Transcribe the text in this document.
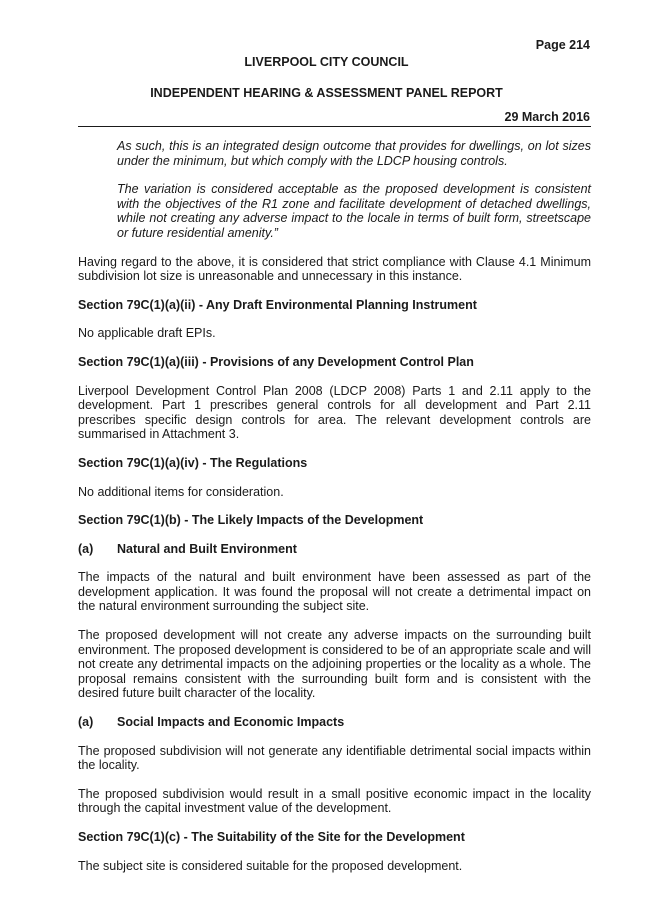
Page 214
LIVERPOOL CITY COUNCIL
INDEPENDENT HEARING & ASSESSMENT PANEL REPORT
29 March 2016

As such, this is an integrated design outcome that provides for dwellings, on lot sizes under the minimum, but which comply with the LDCP housing controls.

The variation is considered acceptable as the proposed development is consistent with the objectives of the R1 zone and facilitate development of detached dwellings, while not creating any adverse impact to the locale in terms of built form, streetscape or future residential amenity.”

Having regard to the above, it is considered that strict compliance with Clause 4.1 Minimum subdivision lot size is unreasonable and unnecessary in this instance.

Section 79C(1)(a)(ii) - Any Draft Environmental Planning Instrument

No applicable draft EPIs.

Section 79C(1)(a)(iii) - Provisions of any Development Control Plan

Liverpool Development Control Plan 2008 (LDCP 2008) Parts 1 and 2.11 apply to the development. Part 1 prescribes general controls for all development and Part 2.11 prescribes specific design controls for area. The relevant development controls are summarised in Attachment 3.

Section 79C(1)(a)(iv) - The Regulations

No additional items for consideration.

Section 79C(1)(b) - The Likely Impacts of the Development

(a)	Natural and Built Environment

The impacts of the natural and built environment have been assessed as part of the development application. It was found the proposal will not create a detrimental impact on the natural environment surrounding the subject site.

The proposed development will not create any adverse impacts on the surrounding built environment. The proposed development is considered to be of an appropriate scale and will not create any detrimental impacts on the adjoining properties or the locality as a whole. The proposal remains consistent with the surrounding built form and is consistent with the desired future built character of the locality.

(a)	Social Impacts and Economic Impacts

The proposed subdivision will not generate any identifiable detrimental social impacts within the locality.

The proposed subdivision would result in a small positive economic impact in the locality through the capital investment value of the development.

Section 79C(1)(c) - The Suitability of the Site for the Development

The subject site is considered suitable for the proposed development.
